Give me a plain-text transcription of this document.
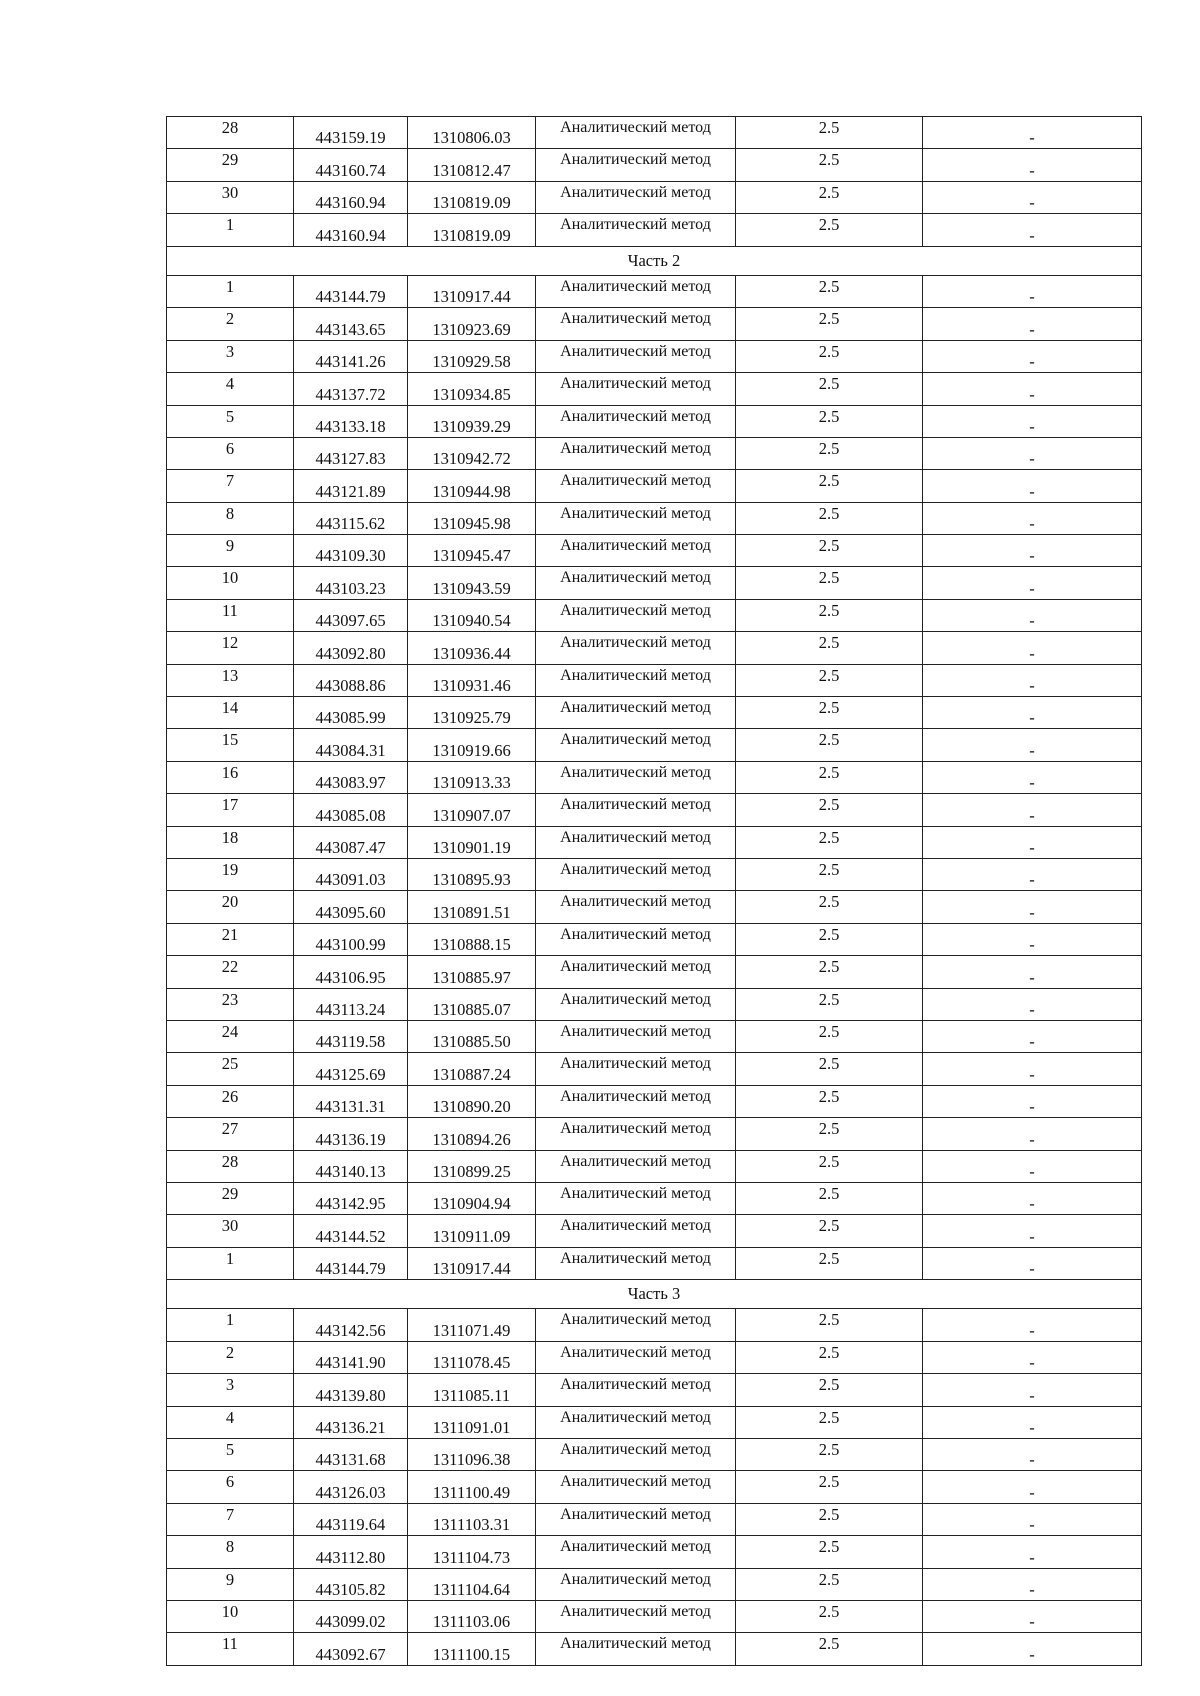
28	443159.19	1310806.03	Аналитический метод	2.5	-
29	443160.74	1310812.47	Аналитический метод	2.5	-
30	443160.94	1310819.09	Аналитический метод	2.5	-
1	443160.94	1310819.09	Аналитический метод	2.5	-
Часть 2					
1	443144.79	1310917.44	Аналитический метод	2.5	-
2	443143.65	1310923.69	Аналитический метод	2.5	-
3	443141.26	1310929.58	Аналитический метод	2.5	-
4	443137.72	1310934.85	Аналитический метод	2.5	-
5	443133.18	1310939.29	Аналитический метод	2.5	-
6	443127.83	1310942.72	Аналитический метод	2.5	-
7	443121.89	1310944.98	Аналитический метод	2.5	-
8	443115.62	1310945.98	Аналитический метод	2.5	-
9	443109.30	1310945.47	Аналитический метод	2.5	-
10	443103.23	1310943.59	Аналитический метод	2.5	-
11	443097.65	1310940.54	Аналитический метод	2.5	-
12	443092.80	1310936.44	Аналитический метод	2.5	-
13	443088.86	1310931.46	Аналитический метод	2.5	-
14	443085.99	1310925.79	Аналитический метод	2.5	-
15	443084.31	1310919.66	Аналитический метод	2.5	-
16	443083.97	1310913.33	Аналитический метод	2.5	-
17	443085.08	1310907.07	Аналитический метод	2.5	-
18	443087.47	1310901.19	Аналитический метод	2.5	-
19	443091.03	1310895.93	Аналитический метод	2.5	-
20	443095.60	1310891.51	Аналитический метод	2.5	-
21	443100.99	1310888.15	Аналитический метод	2.5	-
22	443106.95	1310885.97	Аналитический метод	2.5	-
23	443113.24	1310885.07	Аналитический метод	2.5	-
24	443119.58	1310885.50	Аналитический метод	2.5	-
25	443125.69	1310887.24	Аналитический метод	2.5	-
26	443131.31	1310890.20	Аналитический метод	2.5	-
27	443136.19	1310894.26	Аналитический метод	2.5	-
28	443140.13	1310899.25	Аналитический метод	2.5	-
29	443142.95	1310904.94	Аналитический метод	2.5	-
30	443144.52	1310911.09	Аналитический метод	2.5	-
1	443144.79	1310917.44	Аналитический метод	2.5	-
Часть 3					
1	443142.56	1311071.49	Аналитический метод	2.5	-
2	443141.90	1311078.45	Аналитический метод	2.5	-
3	443139.80	1311085.11	Аналитический метод	2.5	-
4	443136.21	1311091.01	Аналитический метод	2.5	-
5	443131.68	1311096.38	Аналитический метод	2.5	-
6	443126.03	1311100.49	Аналитический метод	2.5	-
7	443119.64	1311103.31	Аналитический метод	2.5	-
8	443112.80	1311104.73	Аналитический метод	2.5	-
9	443105.82	1311104.64	Аналитический метод	2.5	-
10	443099.02	1311103.06	Аналитический метод	2.5	-
11	443092.67	1311100.15	Аналитический метод	2.5	-
